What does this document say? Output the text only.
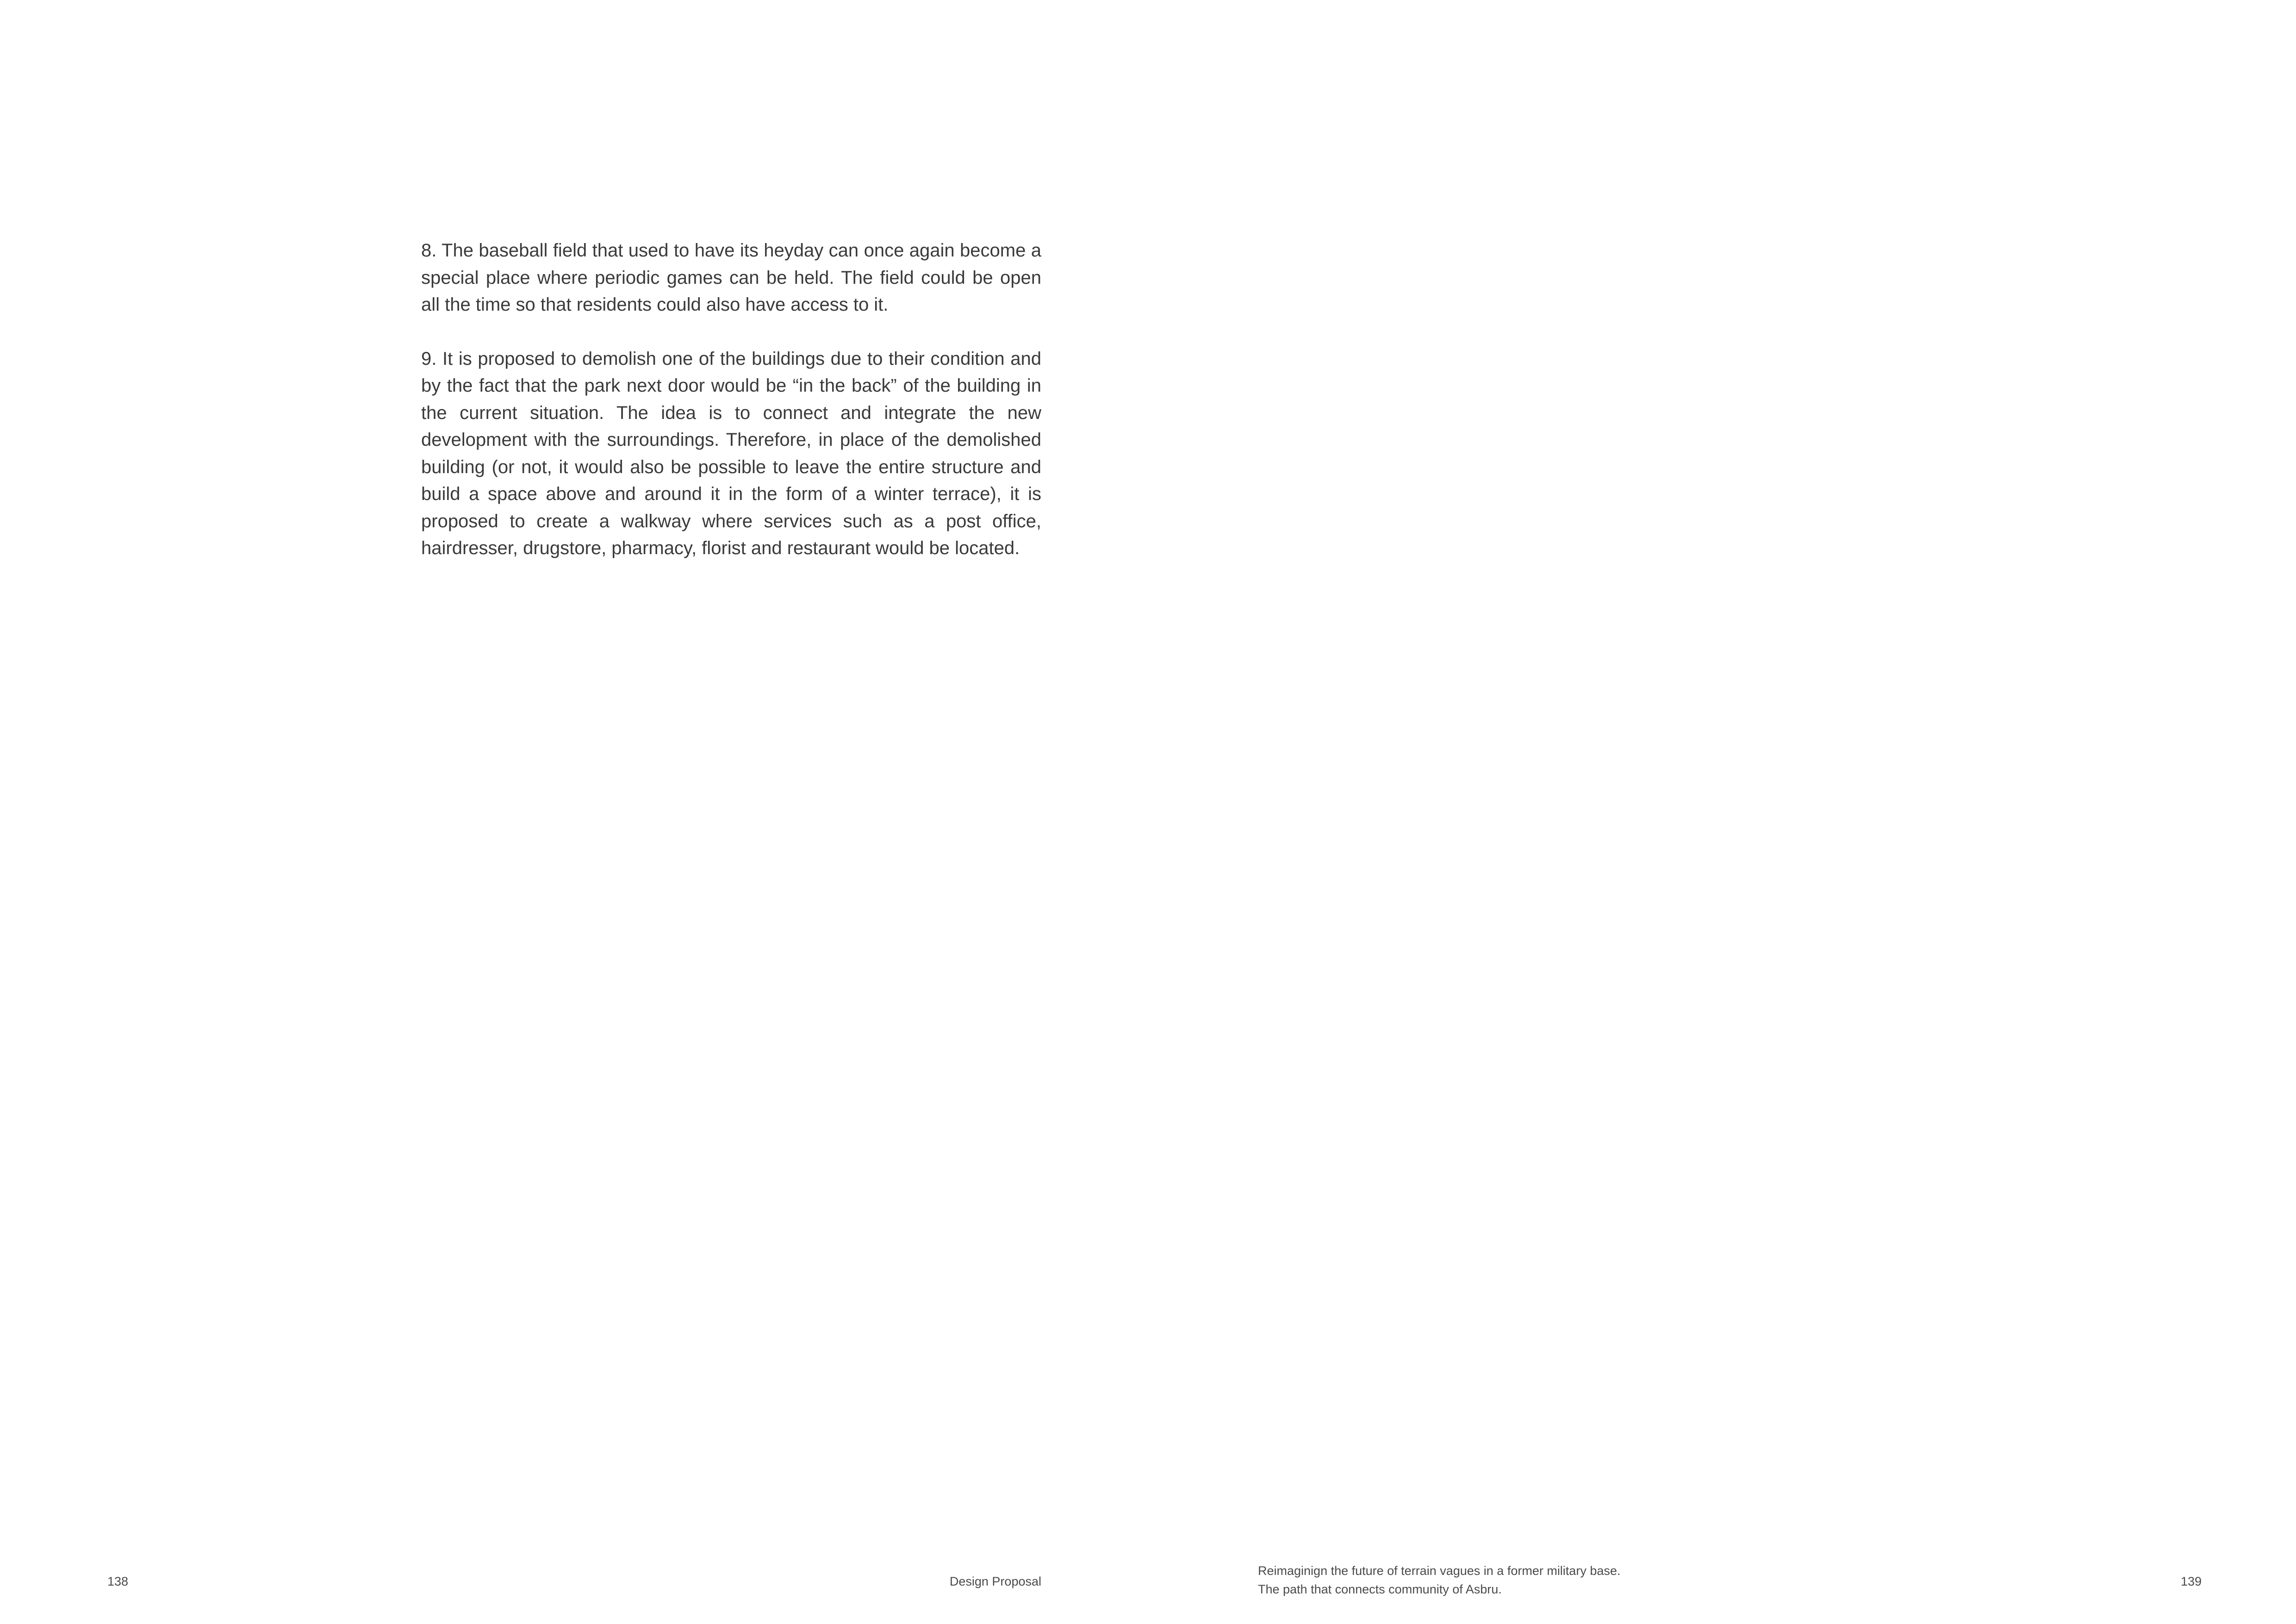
8. The baseball field that used to have its heyday can once again become a special place where periodic games can be held. The field could be open all the time so that residents could also have access to it.

9. It is proposed to demolish one of the buildings due to their condition and by the fact that the park next door would be “in the back” of the building in the current situation. The idea is to connect and integrate the new development with the surroundings. Therefore, in place of the demolished building (or not, it would also be possible to leave the entire structure and build a space above and around it in the form of a winter terrace), it is proposed to create a walkway where services such as a post office, hairdresser, drugstore, pharmacy, florist and restaurant would be located.

138	Design Proposal
Reimaginign the future of terrain vagues in a former military base.
The path that connects community of Asbru.
139
